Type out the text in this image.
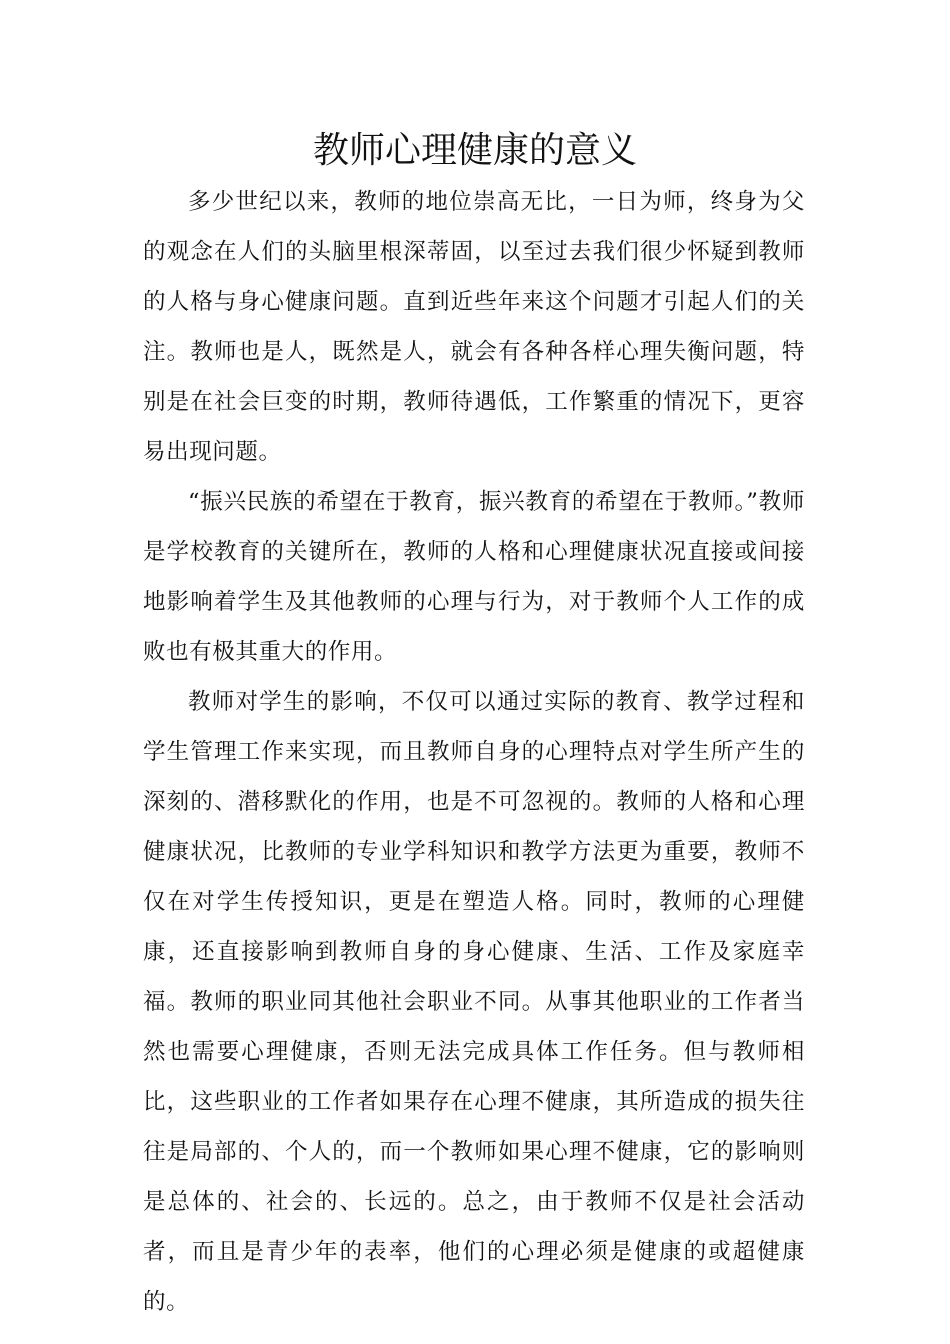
教师心理健康的意义

多少世纪以来，教师的地位崇高无比，一日为师，终身为父的观念在人们的头脑里根深蒂固，以至过去我们很少怀疑到教师的人格与身心健康问题。直到近些年来这个问题才引起人们的关注。教师也是人，既然是人，就会有各种各样心理失衡问题，特别是在社会巨变的时期，教师待遇低，工作繁重的情况下，更容易出现问题。

“振兴民族的希望在于教育，振兴教育的希望在于教师。”教师是学校教育的关键所在，教师的人格和心理健康状况直接或间接地影响着学生及其他教师的心理与行为，对于教师个人工作的成败也有极其重大的作用。

教师对学生的影响，不仅可以通过实际的教育、教学过程和学生管理工作来实现，而且教师自身的心理特点对学生所产生的深刻的、潜移默化的作用，也是不可忽视的。教师的人格和心理健康状况，比教师的专业学科知识和教学方法更为重要，教师不仅在对学生传授知识，更是在塑造人格。同时，教师的心理健康，还直接影响到教师自身的身心健康、生活、工作及家庭幸福。教师的职业同其他社会职业不同。从事其他职业的工作者当然也需要心理健康，否则无法完成具体工作任务。但与教师相比，这些职业的工作者如果存在心理不健康，其所造成的损失往往是局部的、个人的，而一个教师如果心理不健康，它的影响则是总体的、社会的、长远的。总之，由于教师不仅是社会活动者，而且是青少年的表率，他们的心理必须是健康的或超健康的。
